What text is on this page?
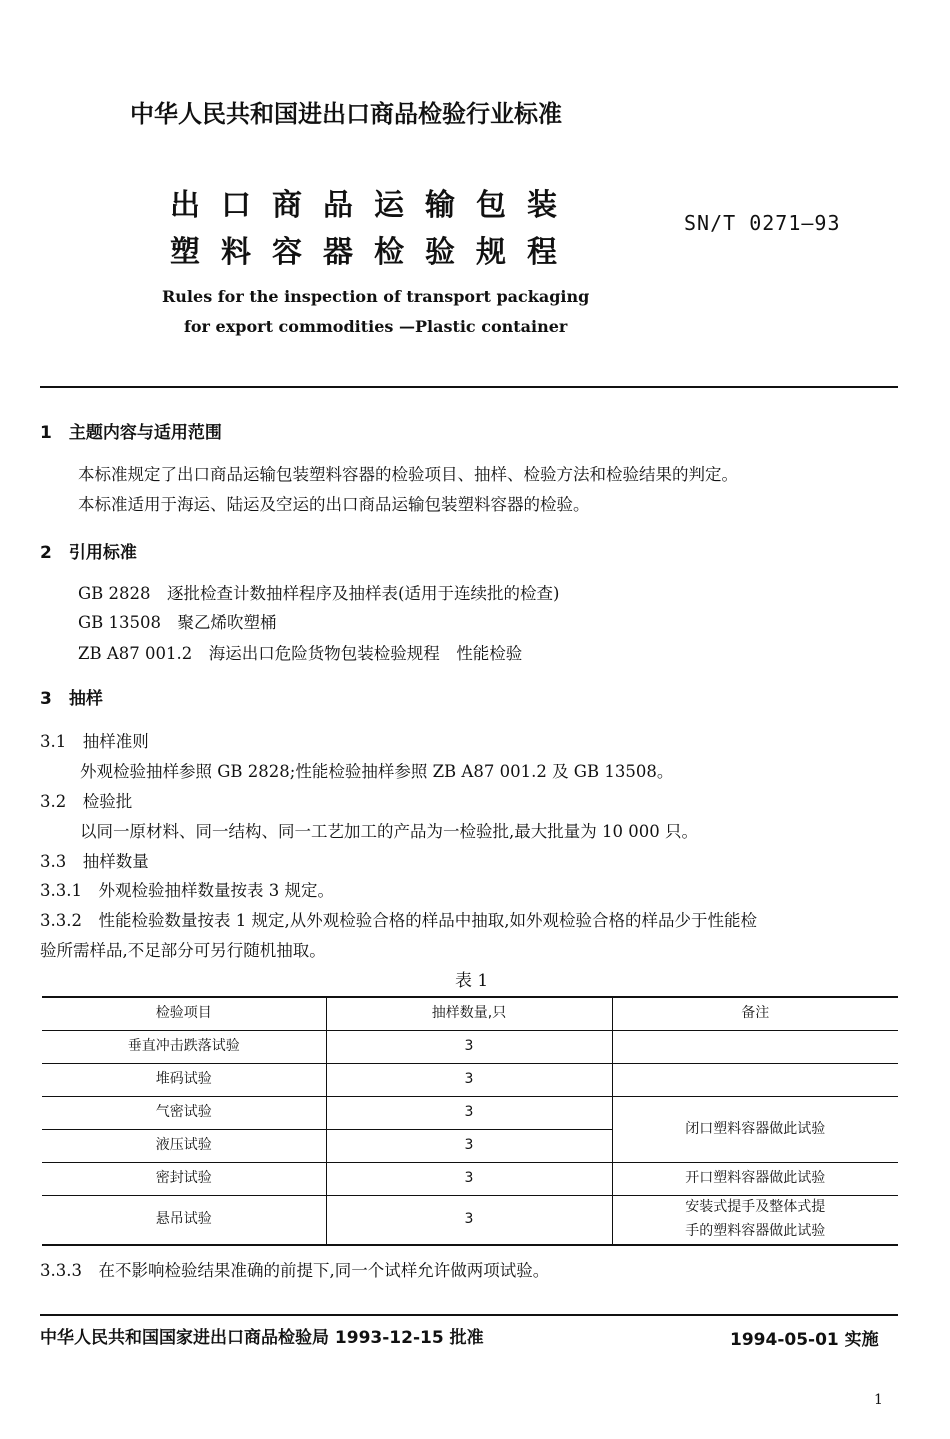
中华人民共和国进出口商品检验行业标准
出口商品运输包装
塑料容器检验规程
SN/T 0271—93
Rules for the inspection of transport packaging
for export commodities —Plastic container
1　主题内容与适用范围
本标准规定了出口商品运输包装塑料容器的检验项目、抽样、检验方法和检验结果的判定。
本标准适用于海运、陆运及空运的出口商品运输包装塑料容器的检验。
2　引用标准
GB 2828　逐批检查计数抽样程序及抽样表(适用于连续批的检查)
GB 13508　聚乙烯吹塑桶
ZB A87 001.2　海运出口危险货物包装检验规程　性能检验
3　抽样
3.1　抽样准则
外观检验抽样参照 GB 2828;性能检验抽样参照 ZB A87 001.2 及 GB 13508。
3.2　检验批
以同一原材料、同一结构、同一工艺加工的产品为一检验批,最大批量为 10 000 只。
3.3　抽样数量
3.3.1　外观检验抽样数量按表 3 规定。
3.3.2　性能检验数量按表 1 规定,从外观检验合格的样品中抽取,如外观检验合格的样品少于性能检
验所需样品,不足部分可另行随机抽取。
表 1
检验项目	抽样数量,只	备注
垂直冲击跌落试验	3	
堆码试验	3	
气密试验	3	闭口塑料容器做此试验
液压试验	3	
密封试验	3	开口塑料容器做此试验
悬吊试验	3	安装式提手及整体式提
手的塑料容器做此试验
3.3.3　在不影响检验结果准确的前提下,同一个试样允许做两项试验。
中华人民共和国国家进出口商品检验局 1993-12-15 批准	1994-05-01 实施
1
